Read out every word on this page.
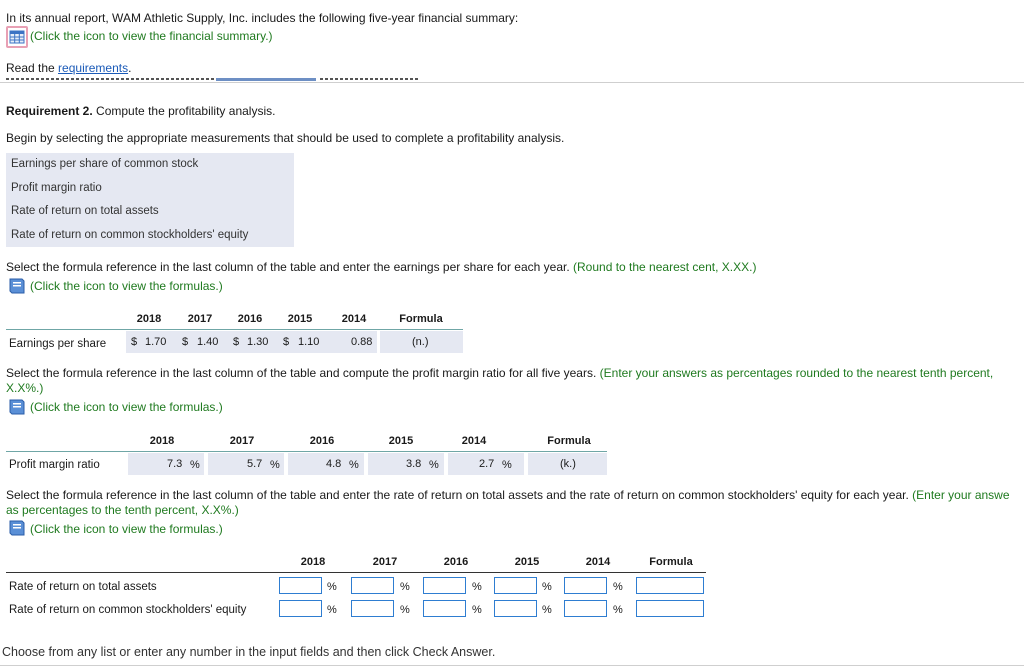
In its annual report, WAM Athletic Supply, Inc. includes the following five-year financial summary:
(Click the icon to view the financial summary.)
Read the requirements.
Requirement 2. Compute the profitability analysis.
Begin by selecting the appropriate measurements that should be used to complete a profitability analysis.
Earnings per share of common stock
Profit margin ratio
Rate of return on total assets
Rate of return on common stockholders' equity
Select the formula reference in the last column of the table and enter the earnings per share for each year. (Round to the nearest cent, X.XX.)
(Click the icon to view the formulas.)
2018	2017	2016	2015	2014	Formula
Earnings per share $ 1.70 $ 1.40 $ 1.30 $ 1.10	0.88	(n.)
Select the formula reference in the last column of the table and compute the profit margin ratio for all five years. (Enter your answers as percentages rounded to the nearest tenth percent,
X.X%.)
(Click the icon to view the formulas.)
2018	2017	2016	2015	2014	Formula
Profit margin ratio	7.3 %	5.7 %	4.8 %	3.8 %	2.7 %	(k.)
Select the formula reference in the last column of the table and enter the rate of return on total assets and the rate of return on common stockholders' equity for each year. (Enter your answe
as percentages to the tenth percent, X.X%.)
(Click the icon to view the formulas.)
2018	2017	2016	2015	2014	Formula
Rate of return on total assets	%	%	%	%	%
Rate of return on common stockholders' equity	%	%	%	%	%
Choose from any list or enter any number in the input fields and then click Check Answer.
